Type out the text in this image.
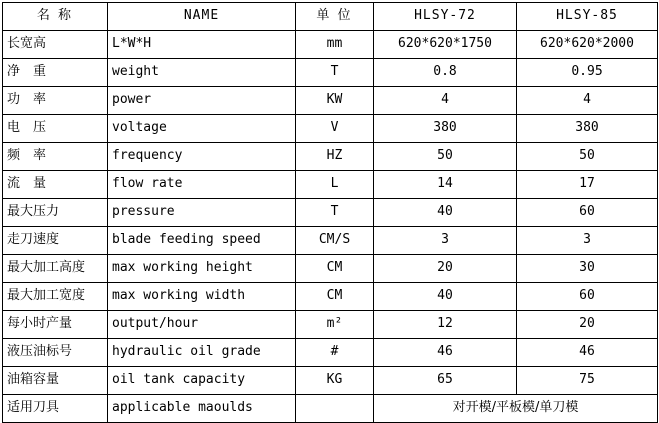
名 称	NAME	单 位	HLSY-72	HLSY-85
长宽高	L*W*H	mm	620*620*1750	620*620*2000
净　重	weight	T	0.8	0.95
功　率	power	KW	4	4
电　压	voltage	V	380	380
频　率	frequency	HZ	50	50
流　量	flow rate	L	14	17
最大压力	pressure	T	40	60
走刀速度	blade feeding speed	CM/S	3	3
最大加工高度	max working height	CM	20	30
最大加工宽度	max working width	CM	40	60
每小时产量	output/hour	m²	12	20
液压油标号	hydraulic oil grade	#	46	46
油箱容量	oil tank capacity	KG	65	75
适用刀具	applicable maoulds		对开模/平板模/单刀模	
